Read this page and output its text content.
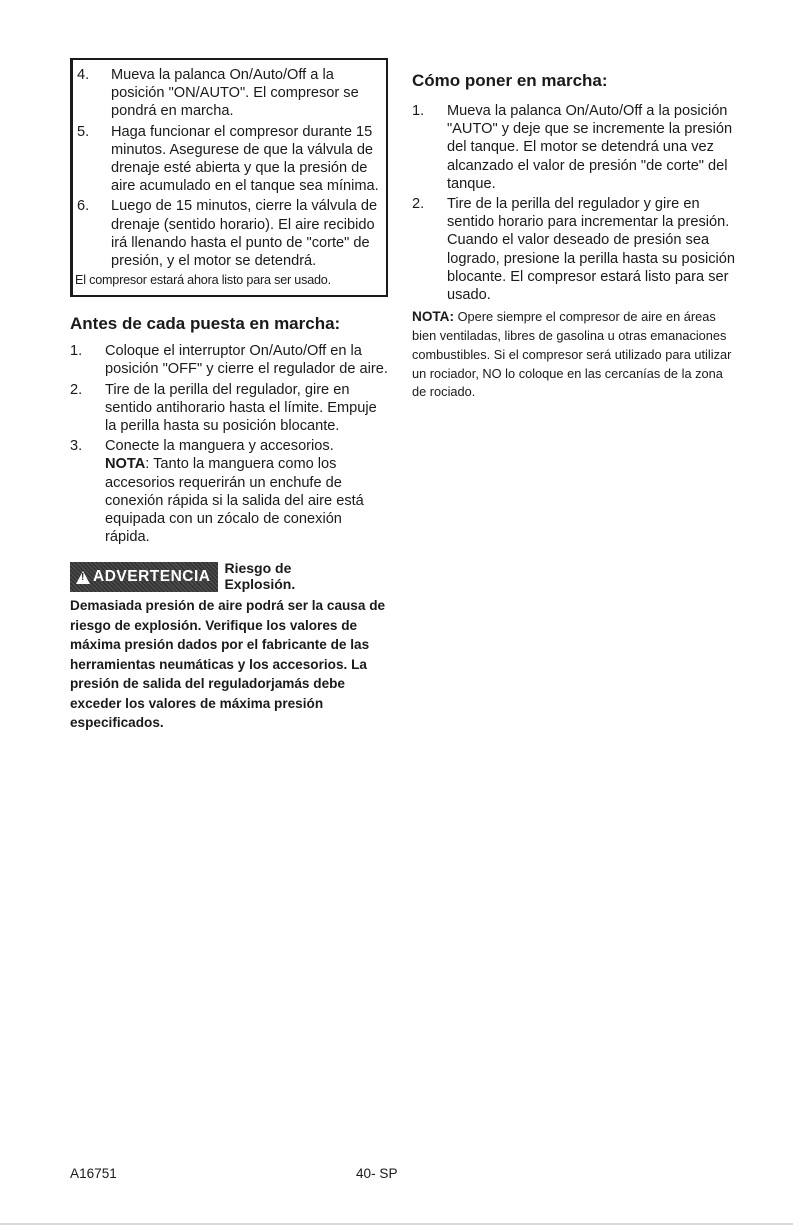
4.	Mueva la palanca On/Auto/Off a la posición "ON/AUTO". El compresor se pondrá en marcha.
5.	Haga funcionar el compresor durante 15 minutos. Asegurese de que la válvula de drenaje esté abierta y que la presión de aire acumulado en el tanque sea mínima.
6.	Luego de 15 minutos, cierre la válvula de drenaje (sentido horario). El aire recibido irá llenando hasta el punto de "corte" de presión, y el motor se detendrá.
El compresor estará ahora listo para ser usado.
Antes de cada puesta en marcha:
1.	Coloque el interruptor On/Auto/Off en la posición "OFF" y cierre el regulador de aire.
2.	Tire de la perilla del regulador, gire en sentido antihorario hasta el límite. Empuje la perilla hasta su posición blocante.
3.	Conecte la manguera y accesorios.
NOTA: Tanto la manguera como los accesorios requerirán un enchufe de conexión rápida si la salida del aire está equipada con un zócalo de conexión rápida.
!
ADVERTENCIA Riesgo de
Explosión.
Demasiada presión de aire podrá ser la causa de riesgo de explosión. Verifique los valores de máxima presión dados por el fabricante de las herramientas neumáticas y los accesorios. La presión de salida del reguladorjamás debe exceder los valores de máxima presión especificados.
Cómo poner en marcha:
1.	Mueva la palanca On/Auto/Off a la posición "AUTO" y deje que se incremente la presión del tanque. El motor se detendrá una vez alcanzado el valor de presión "de corte" del tanque.
2.	Tire de la perilla del regulador y gire en sentido horario para incrementar la presión. Cuando el valor deseado de presión sea logrado, presione la perilla hasta su posición blocante. El compresor estará listo para ser usado.
NOTA: Opere siempre el compresor de aire en áreas bien ventiladas, libres de gasolina u otras emanaciones combustibles. Si el compresor será utilizado para utilizar un rociador, NO lo coloque en las cercanías de la zona de rociado.
A16751	40- SP
